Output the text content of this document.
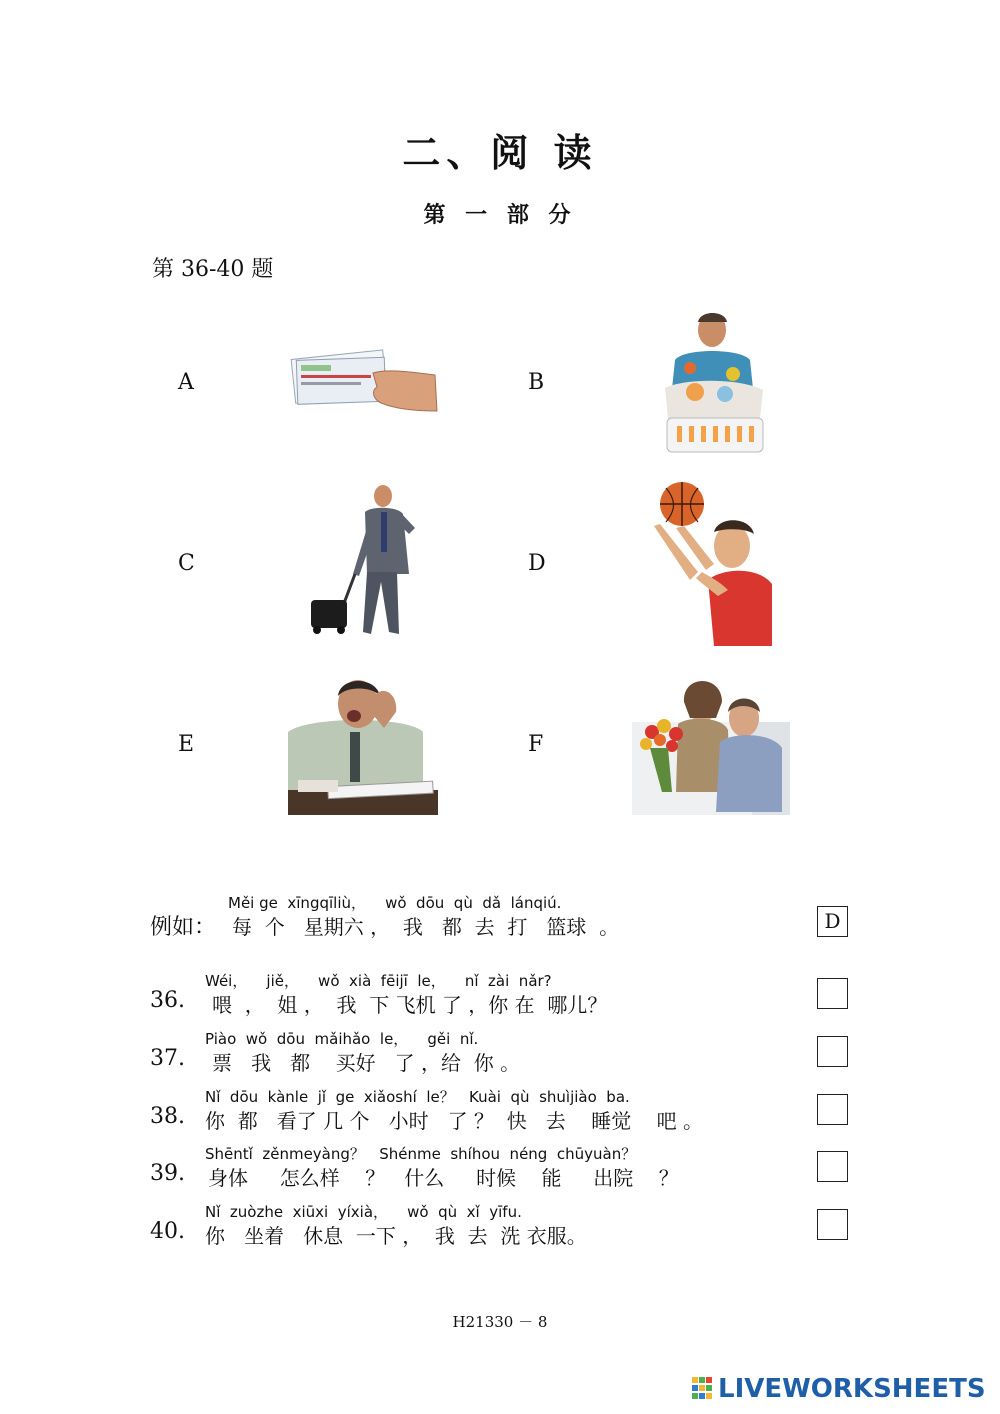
二、阅 读
第 一 部 分
第 36-40 题
A	B
C	D
E	F
Měi ge  xīngqīliù，    wǒ  dōu  qù  dǎ  lánqiú.
例如： 每  个   星期六 ，  我   都  去  打   篮球  。	D
Wéi，    jiě，    wǒ  xià  fēijī  le，    nǐ  zài  nǎr?
36. 喂  ，  姐 ，  我  下 飞机 了 ，你 在  哪儿？
Piào  wǒ  dōu  mǎihǎo  le，    gěi  nǐ.
37. 票   我   都    买好   了 ，给  你 。
Nǐ  dōu  kànle  jǐ  ge  xiǎoshí  le？   Kuài  qù  shuìjiào  ba.
38. 你  都   看了 几 个   小时   了 ？  快   去    睡觉    吧 。
Shēntǐ  zěnmeyàng？   Shénme  shíhou  néng  chūyuàn？
39. 身体     怎么样    ？   什么     时候    能     出院    ？
Nǐ  zuòzhe  xiūxi  yíxià，    wǒ  qù  xǐ  yīfu.
40. 你   坐着   休息  一下 ，  我  去  洗 衣服。
H21330 － 8
LIVEWORKSHEETS
